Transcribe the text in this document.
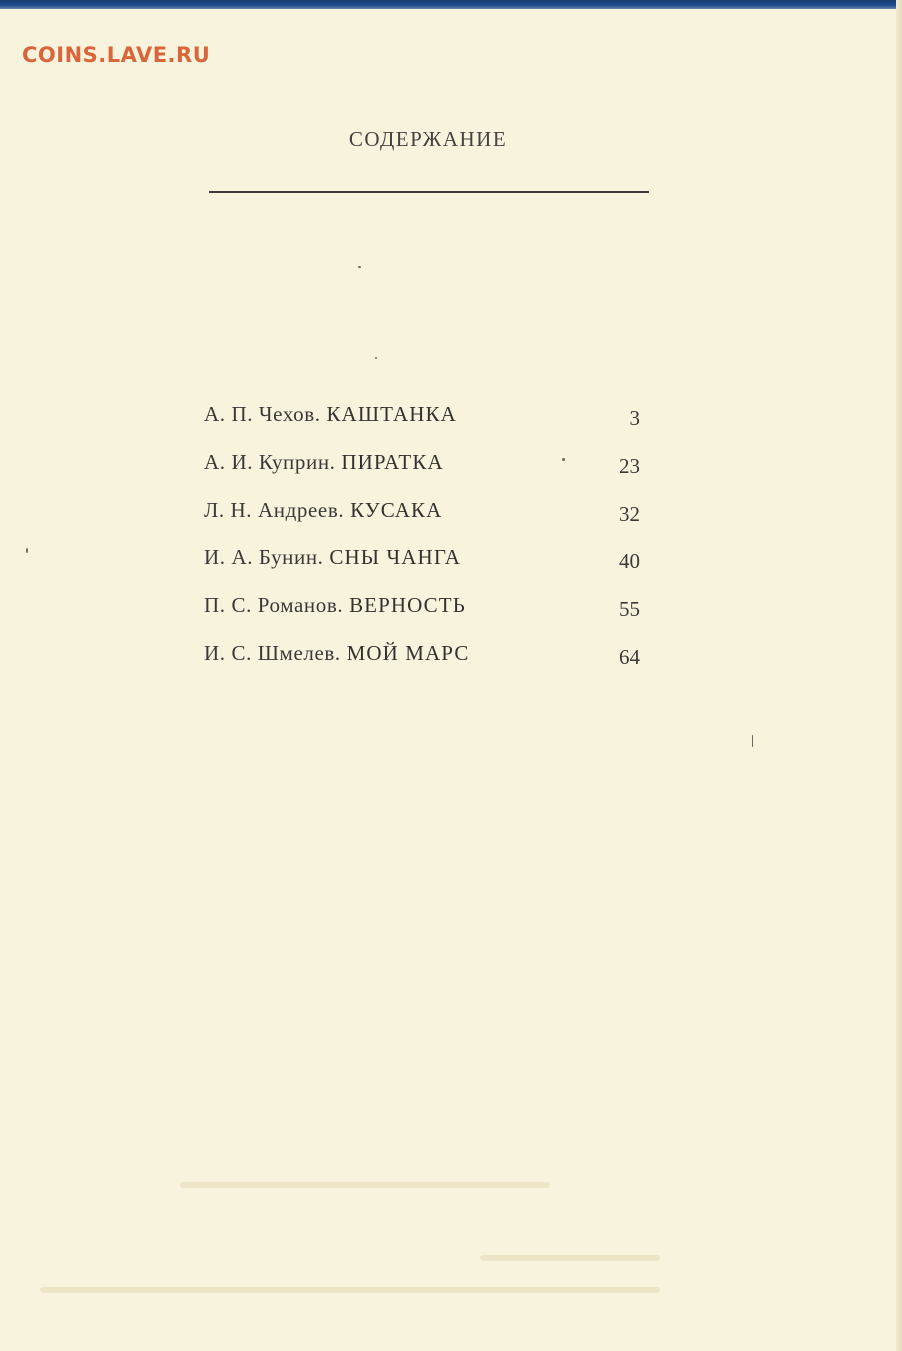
COINS.LAVE.RU
СОДЕРЖАНИЕ
А. П. Чехов. КАШТАНКА	3
А. И. Куприн. ПИРАТКА	23
Л. Н. Андреев. КУСАКА	32
И. А. Бунин. СНЫ ЧАНГА	40
П. С. Романов. ВЕРНОСТЬ	55
И. С. Шмелев. МОЙ МАРС	64
